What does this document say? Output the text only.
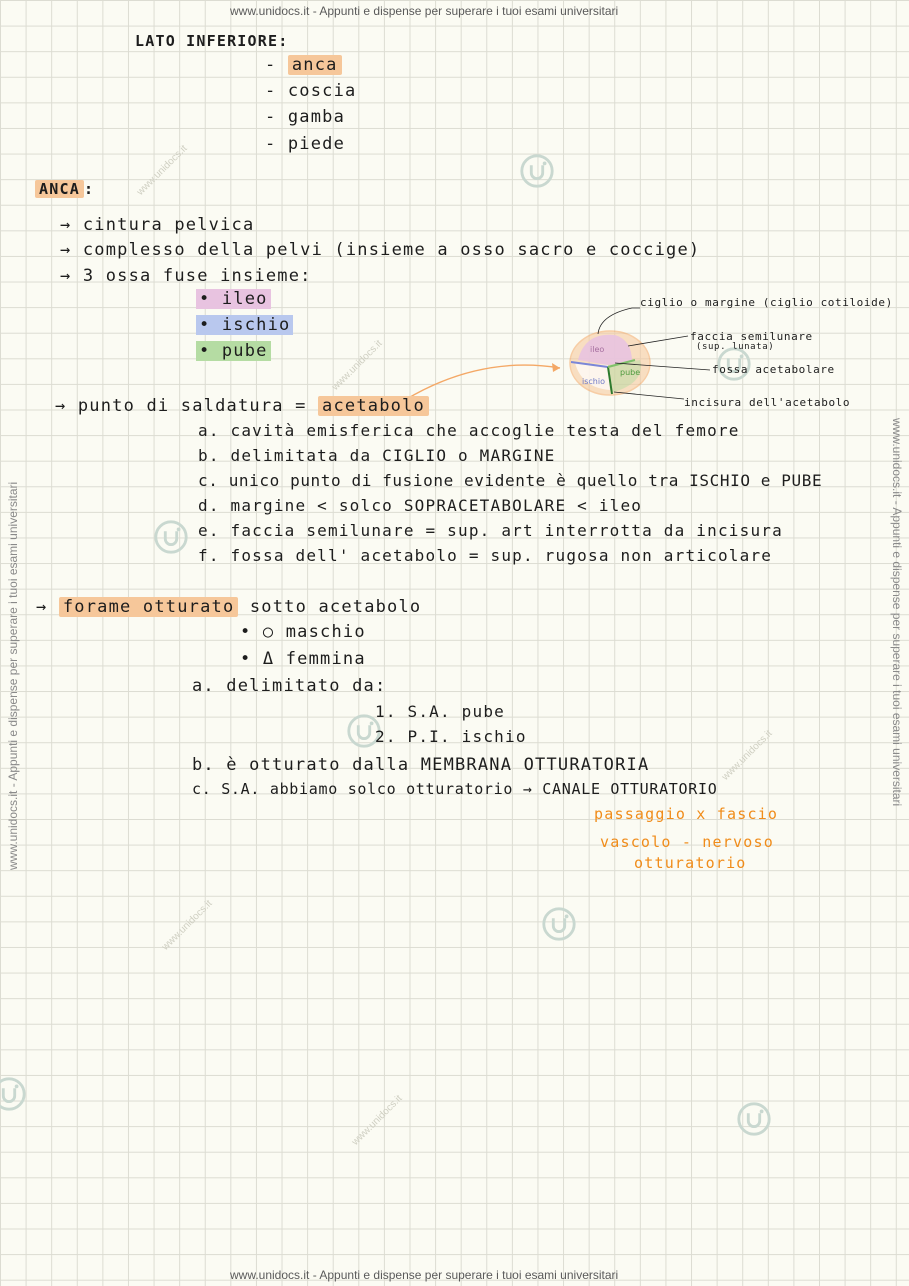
www.unidocs.it - Appunti e dispense per superare i tuoi esami universitari
www.unidocs.it - Appunti e dispense per superare i tuoi esami universitari
www.unidocs.it - Appunti e dispense per superare i tuoi esami universitari	www.unidocs.it - Appunti e dispense per superare i tuoi esami universitari
www.unidocs.it
www.unidocs.it
www.unidocs.it
www.unidocs.it
www.unidocs.it
LATO INFERIORE:
- anca
- coscia
- gamba
- piede
ANCA :
→ cintura pelvica
→ complesso della pelvi (insieme a osso sacro e coccige)
→ 3 ossa fuse insieme:
• ileo
• ischio
• pube	ileo
ischio
pube
ciglio o margine (ciglio cotiloide)
faccia semilunare
(sup. lunata)
fossa acetabolare
incisura dell'acetabolo
→ punto di saldatura = acetabolo
a. cavità emisferica che accoglie testa del femore
b. delimitata da CIGLIO o MARGINE
c. unico punto di fusione evidente è quello tra ISCHIO e PUBE
d. margine < solco SOPRACETABOLARE < ileo
e. faccia semilunare = sup. art interrotta da incisura
f. fossa dell' acetabolo = sup. rugosa non articolare
→ forame otturato sotto acetabolo
• ○ maschio
• Δ femmina
a. delimitato da:
1. S.A. pube
2. P.I. ischio
b. è otturato dalla MEMBRANA OTTURATORIA
c. S.A. abbiamo solco otturatorio → CANALE OTTURATORIO
passaggio x fascio
vascolo - nervoso
otturatorio
